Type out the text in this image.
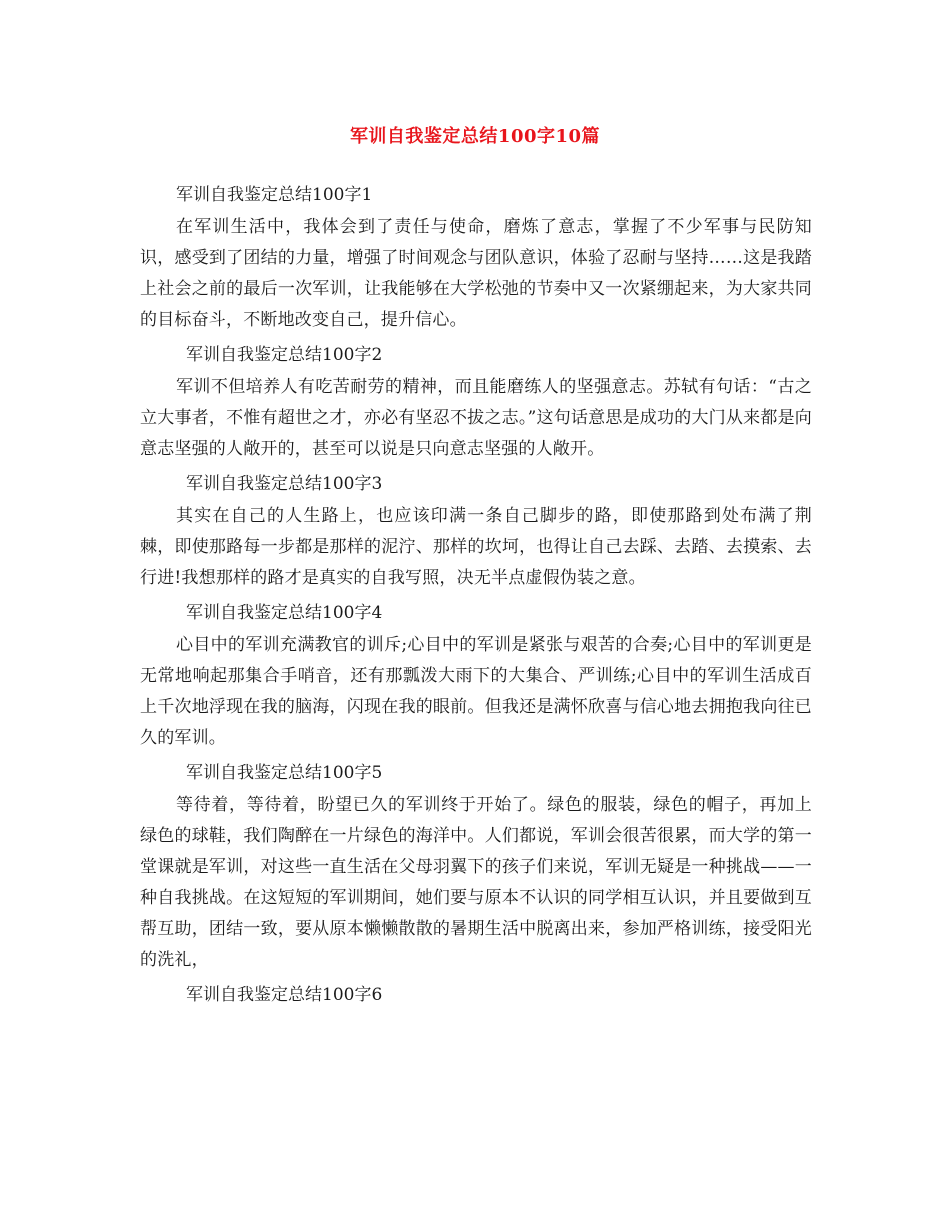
军训自我鉴定总结100字10篇
军训自我鉴定总结100字1

在军训生活中，我体会到了责任与使命，磨炼了意志，掌握了不少军事与民防知识，感受到了团结的力量，增强了时间观念与团队意识，体验了忍耐与坚持……这是我踏上社会之前的最后一次军训，让我能够在大学松弛的节奏中又一次紧绷起来，为大家共同的目标奋斗，不断地改变自己，提升信心。

军训自我鉴定总结100字2

军训不但培养人有吃苦耐劳的精神，而且能磨练人的坚强意志。苏轼有句话：“古之立大事者，不惟有超世之才，亦必有坚忍不拔之志。”这句话意思是成功的大门从来都是向意志坚强的人敞开的，甚至可以说是只向意志坚强的人敞开。

军训自我鉴定总结100字3

其实在自己的人生路上，也应该印满一条自己脚步的路，即使那路到处布满了荆棘，即使那路每一步都是那样的泥泞、那样的坎坷，也得让自己去踩、去踏、去摸索、去行进!我想那样的路才是真实的自我写照，决无半点虚假伪装之意。

军训自我鉴定总结100字4

心目中的军训充满教官的训斥;心目中的军训是紧张与艰苦的合奏;心目中的军训更是无常地响起那集合手哨音，还有那瓢泼大雨下的大集合、严训练;心目中的军训生活成百上千次地浮现在我的脑海，闪现在我的眼前。但我还是满怀欣喜与信心地去拥抱我向往已久的军训。

军训自我鉴定总结100字5

等待着，等待着，盼望已久的军训终于开始了。绿色的服装，绿色的帽子，再加上绿色的球鞋，我们陶醉在一片绿色的海洋中。人们都说，军训会很苦很累，而大学的第一堂课就是军训，对这些一直生活在父母羽翼下的孩子们来说，军训无疑是一种挑战——一种自我挑战。在这短短的军训期间，她们要与原本不认识的同学相互认识，并且要做到互帮互助，团结一致，要从原本懒懒散散的暑期生活中脱离出来，参加严格训练，接受阳光的洗礼，

军训自我鉴定总结100字6
